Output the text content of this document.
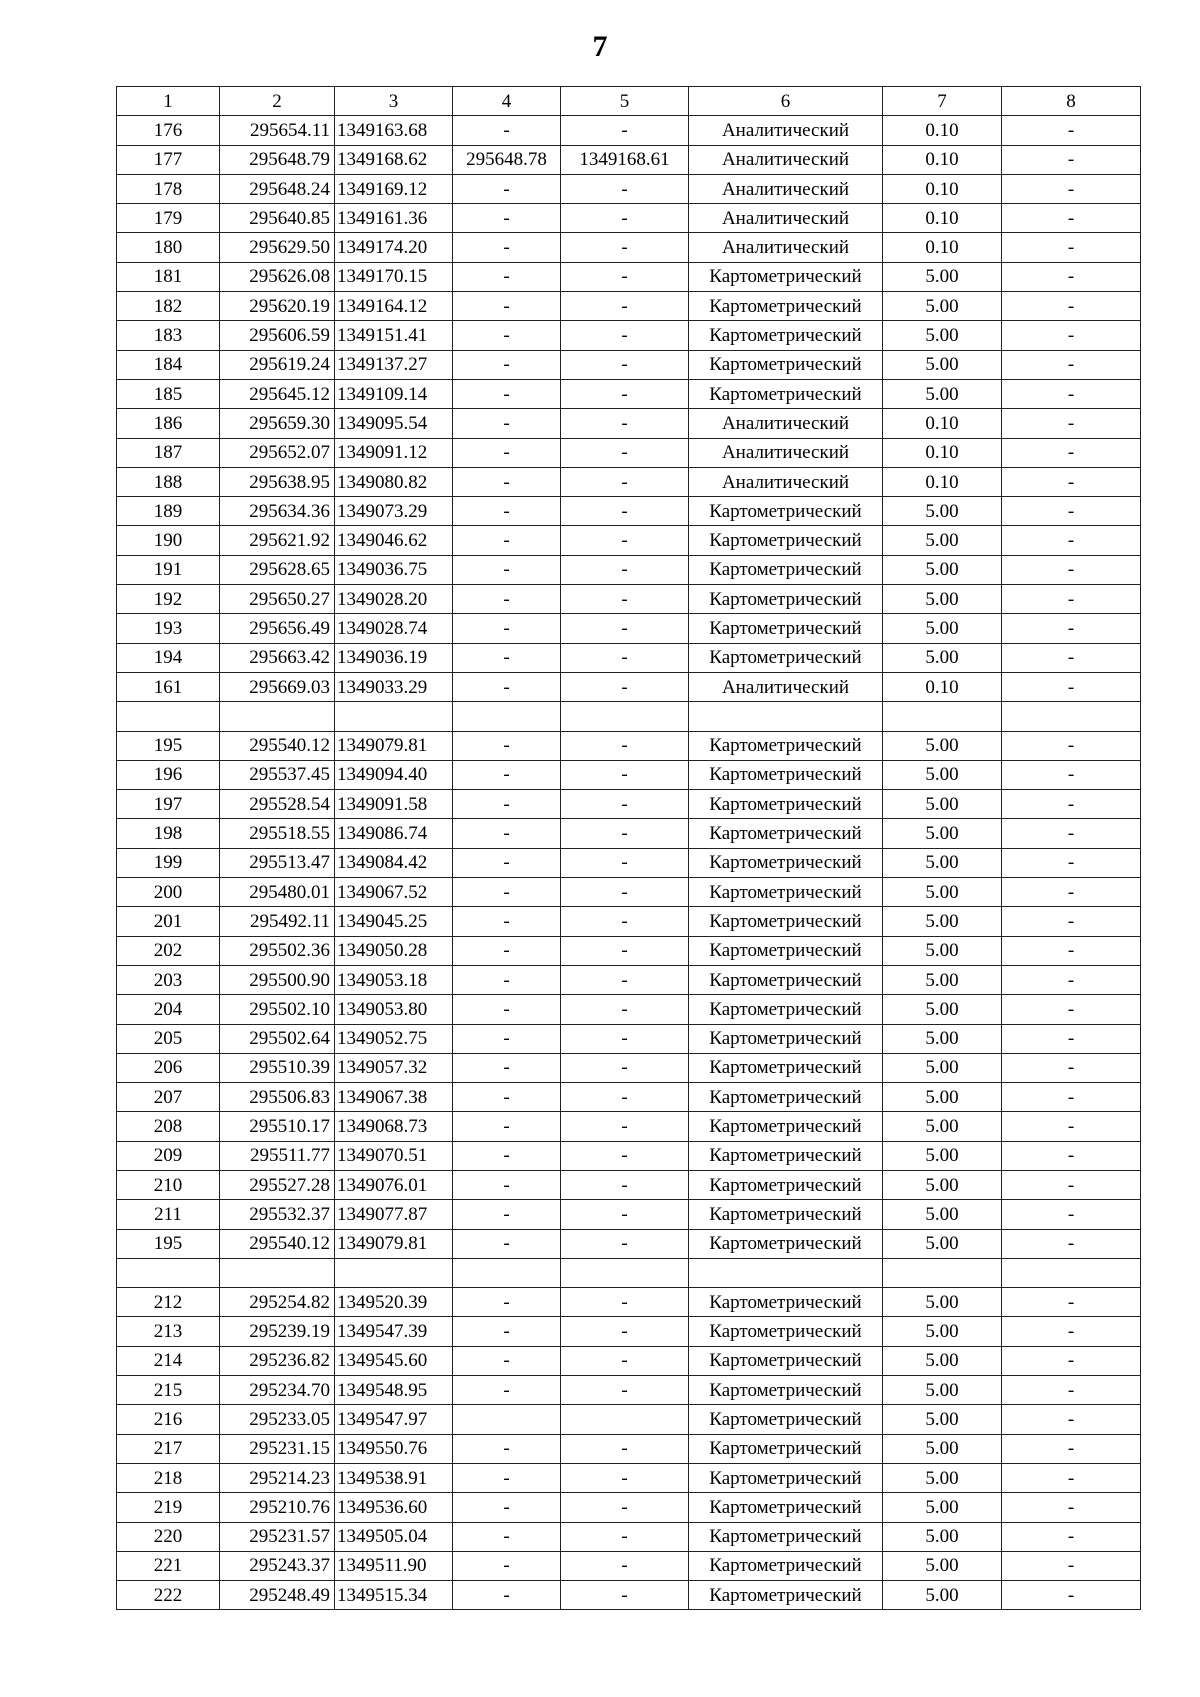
7
1	2	3	4	5	6	7	8
176	295654.11	1349163.68	-	-	Аналитический	0.10	-
177	295648.79	1349168.62	295648.78	1349168.61	Аналитический	0.10	-
178	295648.24	1349169.12	-	-	Аналитический	0.10	-
179	295640.85	1349161.36	-	-	Аналитический	0.10	-
180	295629.50	1349174.20	-	-	Аналитический	0.10	-
181	295626.08	1349170.15	-	-	Картометрический	5.00	-
182	295620.19	1349164.12	-	-	Картометрический	5.00	-
183	295606.59	1349151.41	-	-	Картометрический	5.00	-
184	295619.24	1349137.27	-	-	Картометрический	5.00	-
185	295645.12	1349109.14	-	-	Картометрический	5.00	-
186	295659.30	1349095.54	-	-	Аналитический	0.10	-
187	295652.07	1349091.12	-	-	Аналитический	0.10	-
188	295638.95	1349080.82	-	-	Аналитический	0.10	-
189	295634.36	1349073.29	-	-	Картометрический	5.00	-
190	295621.92	1349046.62	-	-	Картометрический	5.00	-
191	295628.65	1349036.75	-	-	Картометрический	5.00	-
192	295650.27	1349028.20	-	-	Картометрический	5.00	-
193	295656.49	1349028.74	-	-	Картометрический	5.00	-
194	295663.42	1349036.19	-	-	Картометрический	5.00	-
161	295669.03	1349033.29	-	-	Аналитический	0.10	-

195	295540.12	1349079.81	-	-	Картометрический	5.00	-
196	295537.45	1349094.40	-	-	Картометрический	5.00	-
197	295528.54	1349091.58	-	-	Картометрический	5.00	-
198	295518.55	1349086.74	-	-	Картометрический	5.00	-
199	295513.47	1349084.42	-	-	Картометрический	5.00	-
200	295480.01	1349067.52	-	-	Картометрический	5.00	-
201	295492.11	1349045.25	-	-	Картометрический	5.00	-
202	295502.36	1349050.28	-	-	Картометрический	5.00	-
203	295500.90	1349053.18	-	-	Картометрический	5.00	-
204	295502.10	1349053.80	-	-	Картометрический	5.00	-
205	295502.64	1349052.75	-	-	Картометрический	5.00	-
206	295510.39	1349057.32	-	-	Картометрический	5.00	-
207	295506.83	1349067.38	-	-	Картометрический	5.00	-
208	295510.17	1349068.73	-	-	Картометрический	5.00	-
209	295511.77	1349070.51	-	-	Картометрический	5.00	-
210	295527.28	1349076.01	-	-	Картометрический	5.00	-
211	295532.37	1349077.87	-	-	Картометрический	5.00	-
195	295540.12	1349079.81	-	-	Картометрический	5.00	-

212	295254.82	1349520.39	-	-	Картометрический	5.00	-
213	295239.19	1349547.39	-	-	Картометрический	5.00	-
214	295236.82	1349545.60	-	-	Картометрический	5.00	-
215	295234.70	1349548.95	-	-	Картометрический	5.00	-
216	295233.05	1349547.97			Картометрический	5.00	-
217	295231.15	1349550.76	-	-	Картометрический	5.00	-
218	295214.23	1349538.91	-	-	Картометрический	5.00	-
219	295210.76	1349536.60	-	-	Картометрический	5.00	-
220	295231.57	1349505.04	-	-	Картометрический	5.00	-
221	295243.37	1349511.90	-	-	Картометрический	5.00	-
222	295248.49	1349515.34	-	-	Картометрический	5.00	-
